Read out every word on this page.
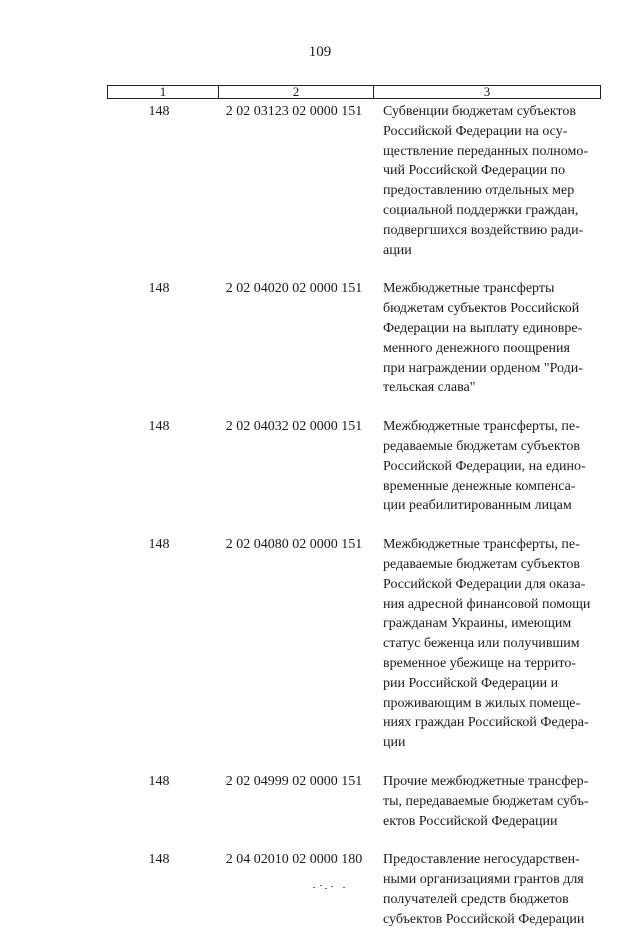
109
1	2	3
148	2 02 03123 02 0000 151	Субвенции бюджетам субъектов
Российской Федерации на осу-
ществление переданных полномо-
чий Российской Федерации по
предоставлению отдельных мер
социальной поддержки граждан,
подвергшихся воздействию ради-
ации
148	2 02 04020 02 0000 151	Межбюджетные трансферты
бюджетам субъектов Российской
Федерации на выплату единовре-
менного денежного поощрения
при награждении орденом "Роди-
тельская слава"
148	2 02 04032 02 0000 151	Межбюджетные трансферты, пе-
редаваемые бюджетам субъектов
Российской Федерации, на едино-
временные денежные компенса-
ции реабилитированным лицам
148	2 02 04080 02 0000 151	Межбюджетные трансферты, пе-
редаваемые бюджетам субъектов
Российской Федерации для оказа-
ния адресной финансовой помощи
гражданам Украины, имеющим
статус беженца или получившим
временное убежище на террито-
рии Российской Федерации и
проживающим в жилых помеще-
ниях граждан Российской Федера-
ции
148	2 02 04999 02 0000 151	Прочие межбюджетные трансфер-
ты, передаваемые бюджетам субъ-
ектов Российской Федерации
148	2 04 02010 02 0000 180	Предоставление негосударствен-
ными организациями грантов для
получателей средств бюджетов
субъектов Российской Федерации
